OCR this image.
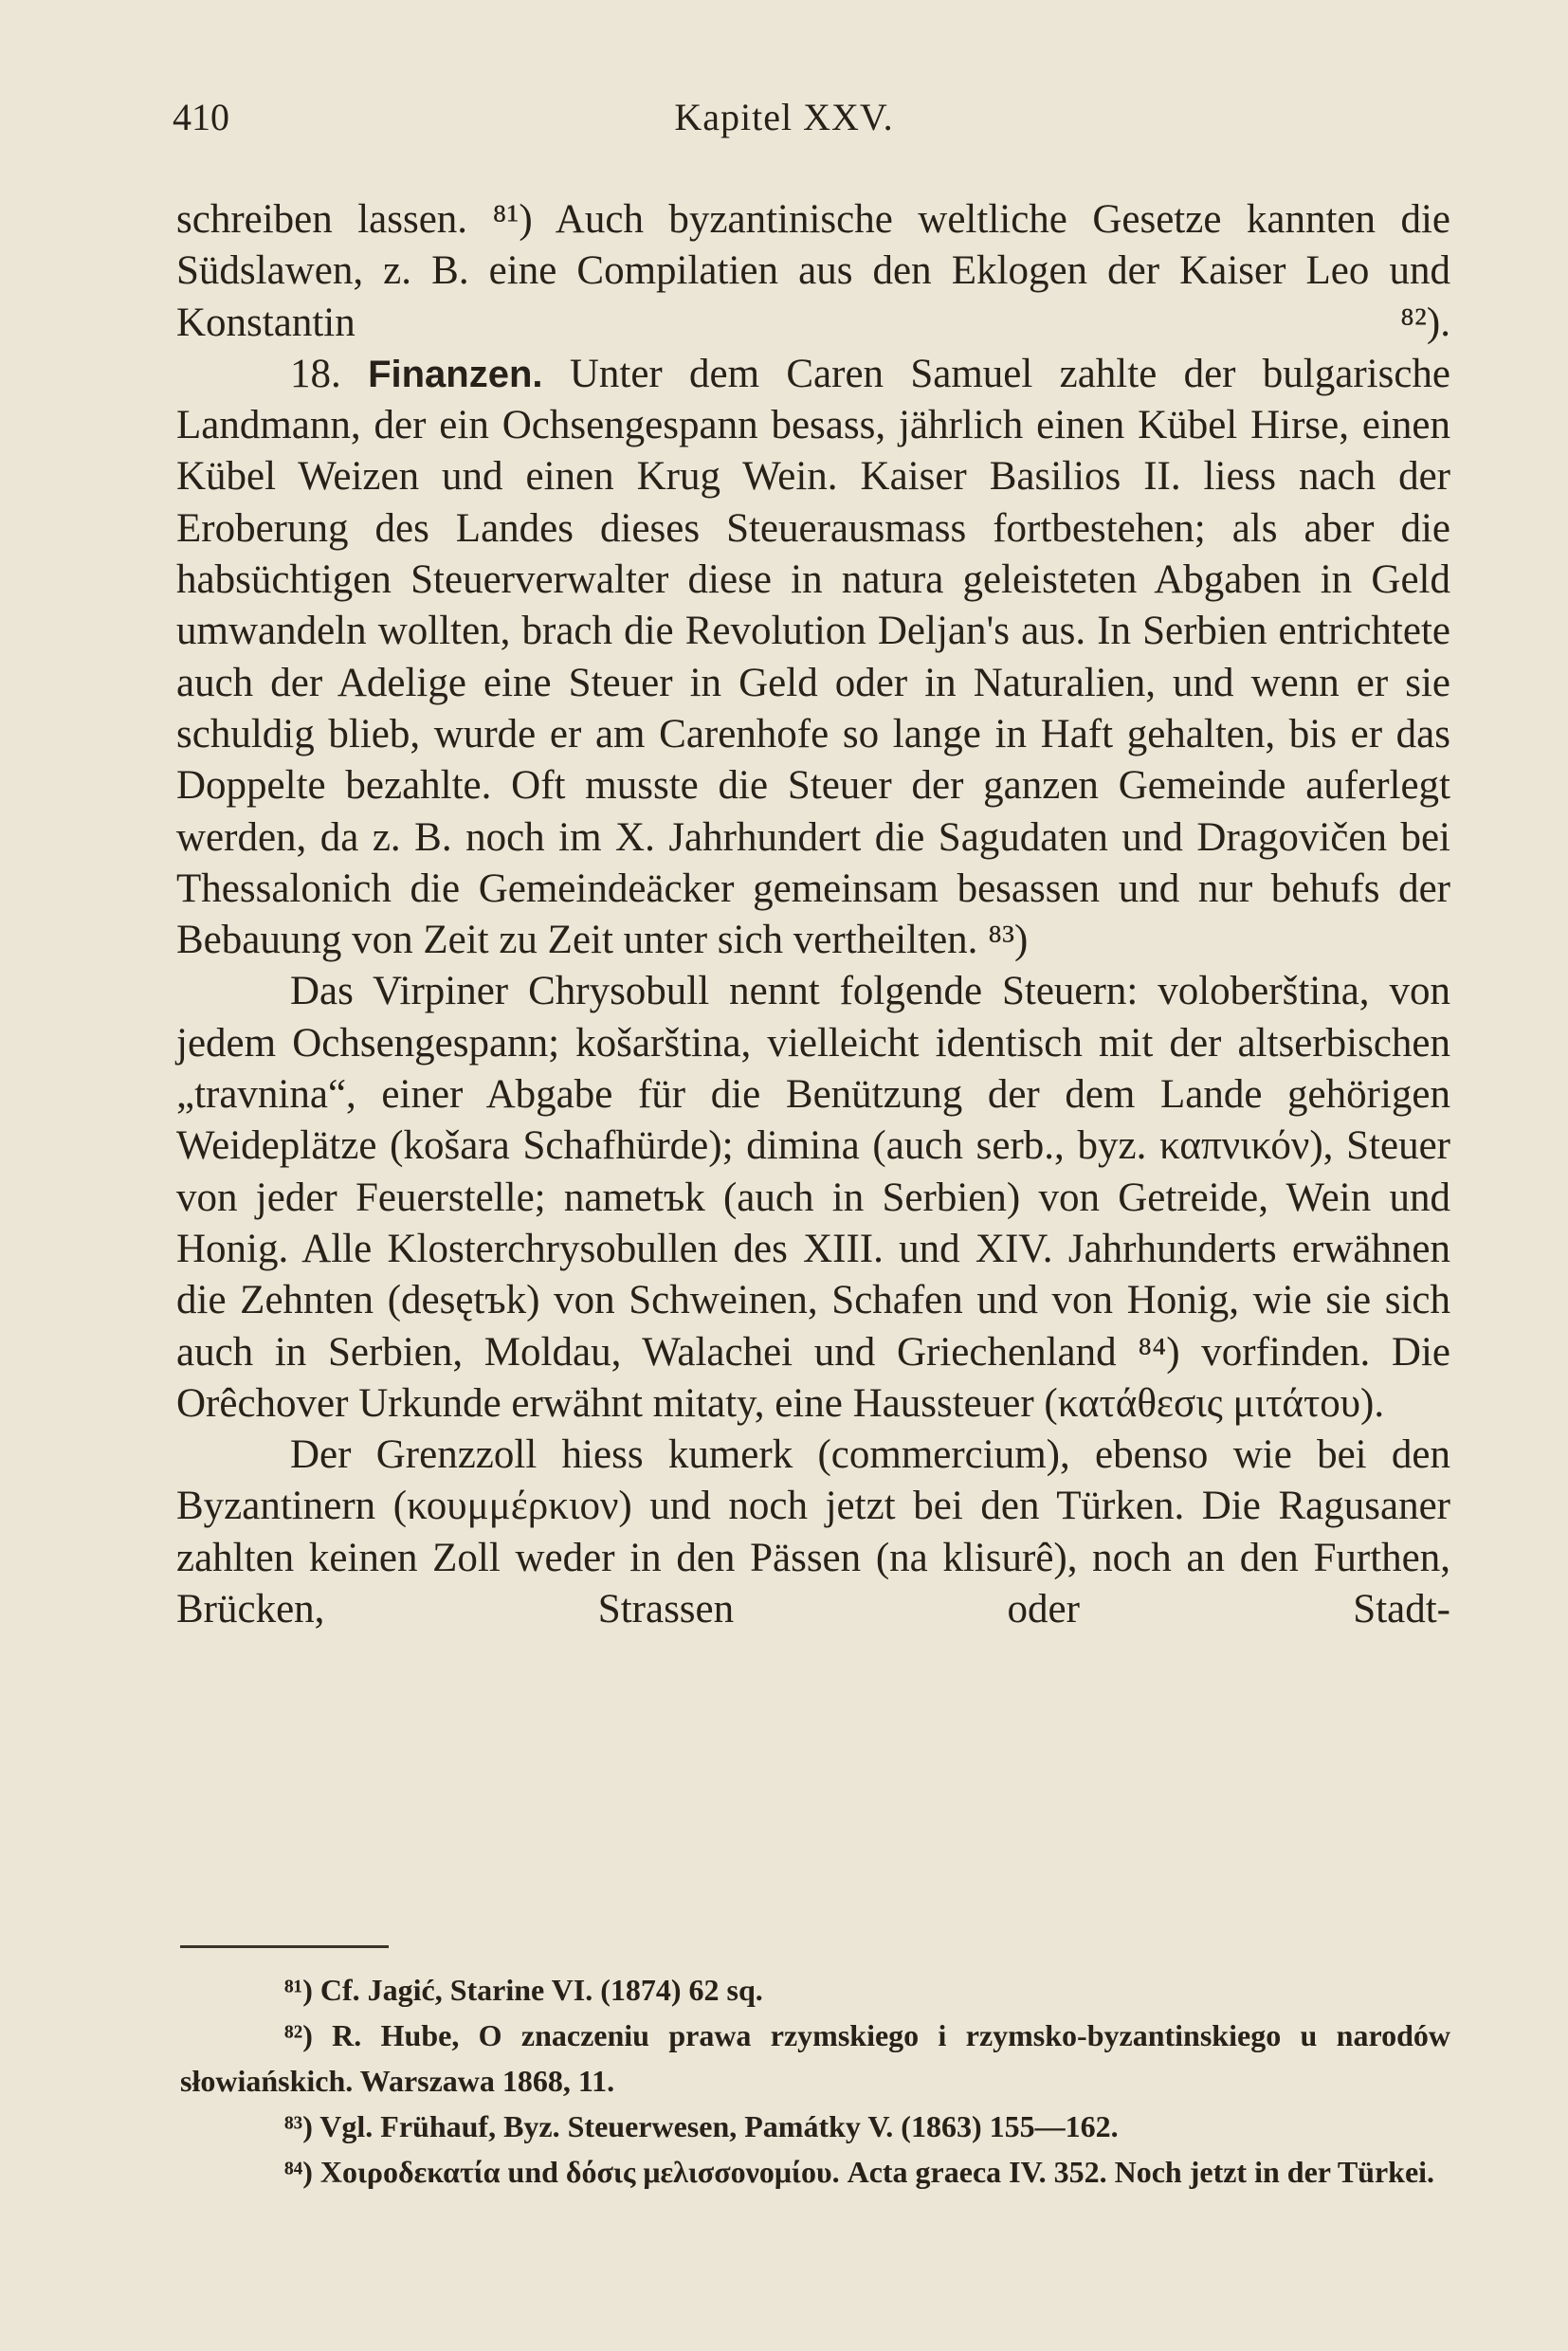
410	Kapitel XXV.

schreiben lassen. ⁸¹) Auch byzantinische weltliche Gesetze kannten die Südslawen, z. B. eine Compilatien aus den Eklogen der Kaiser Leo und Konstantin ⁸²).

18. Finanzen. Unter dem Caren Samuel zahlte der bulgarische Landmann, der ein Ochsengespann besass, jährlich einen Kübel Hirse, einen Kübel Weizen und einen Krug Wein. Kaiser Basilios II. liess nach der Eroberung des Landes dieses Steuerausmass fortbestehen; als aber die habsüchtigen Steuerverwalter diese in natura geleisteten Abgaben in Geld umwandeln wollten, brach die Revolution Deljan's aus. In Serbien entrichtete auch der Adelige eine Steuer in Geld oder in Naturalien, und wenn er sie schuldig blieb, wurde er am Carenhofe so lange in Haft gehalten, bis er das Doppelte bezahlte. Oft musste die Steuer der ganzen Gemeinde auferlegt werden, da z. B. noch im X. Jahrhundert die Sagudaten und Dragovičen bei Thessalonich die Gemeindeäcker gemeinsam besassen und nur behufs der Bebauung von Zeit zu Zeit unter sich vertheilten. ⁸³)

Das Virpiner Chrysobull nennt folgende Steuern: voloberština, von jedem Ochsengespann; košarština, vielleicht identisch mit der altserbischen „travnina“, einer Abgabe für die Benützung der dem Lande gehörigen Weideplätze (košara Schafhürde); dimina (auch serb., byz. καπνικόν), Steuer von jeder Feuerstelle; nametъk (auch in Serbien) von Getreide, Wein und Honig. Alle Klosterchrysobullen des XIII. und XIV. Jahrhunderts erwähnen die Zehnten (desętъk) von Schweinen, Schafen und von Honig, wie sie sich auch in Serbien, Moldau, Walachei und Griechenland ⁸⁴) vorfinden. Die Orêchover Urkunde erwähnt mitaty, eine Haussteuer (κατάθεσις μιτάτου).

Der Grenzzoll hiess kumerk (commercium), ebenso wie bei den Byzantinern (κουμμέρκιον) und noch jetzt bei den Türken. Die Ragusaner zahlten keinen Zoll weder in den Pässen (na klisurê), noch an den Furthen, Brücken, Strassen oder Stadt-

⁸¹) Cf. Jagić, Starine VI. (1874) 62 sq.

⁸²) R. Hube, O znaczeniu prawa rzymskiego i rzymsko-byzantinskiego u narodów słowiańskich. Warszawa 1868, 11.

⁸³) Vgl. Frühauf, Byz. Steuerwesen, Památky V. (1863) 155—162.

⁸⁴) Χοιροδεκατία und δόσις μελισσονομίου. Acta graeca IV. 352. Noch jetzt in der Türkei.
